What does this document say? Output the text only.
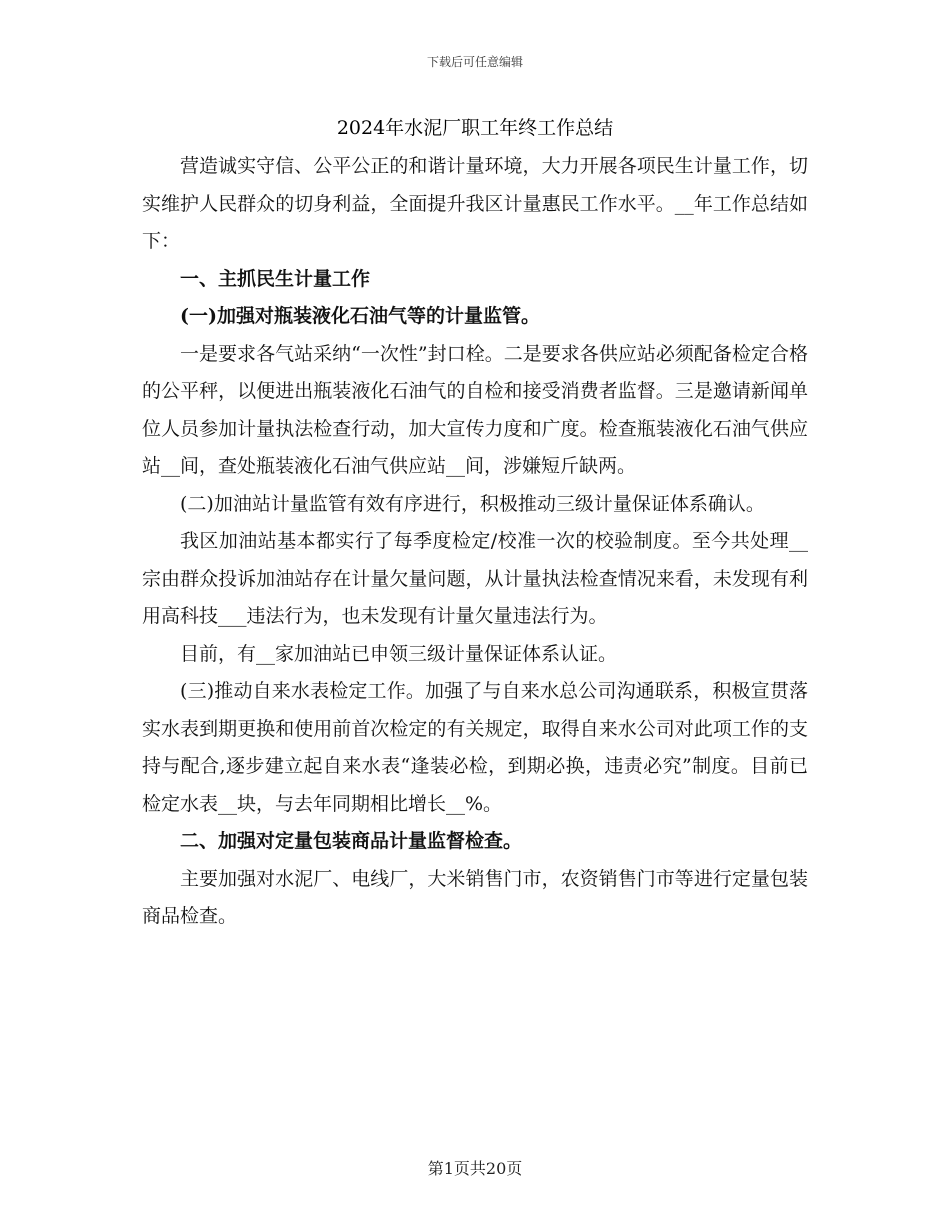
下载后可任意编辑
2024年水泥厂职工年终工作总结

营造诚实守信、公平公正的和谐计量环境，大力开展各项民生计量工作，切实维护人民群众的切身利益，全面提升我区计量惠民工作水平。__年工作总结如下：

一、主抓民生计量工作

(一)加强对瓶装液化石油气等的计量监管。

一是要求各气站采纳“一次性”封口栓。二是要求各供应站必须配备检定合格的公平秤，以便进出瓶装液化石油气的自检和接受消费者监督。三是邀请新闻单位人员参加计量执法检查行动，加大宣传力度和广度。检查瓶装液化石油气供应站__间，查处瓶装液化石油气供应站__间，涉嫌短斤缺两。

(二)加油站计量监管有效有序进行，积极推动三级计量保证体系确认。

我区加油站基本都实行了每季度检定/校准一次的校验制度。至今共处理__宗由群众投诉加油站存在计量欠量问题，从计量执法检查情况来看，未发现有利用高科技___违法行为，也未发现有计量欠量违法行为。

目前，有__家加油站已申领三级计量保证体系认证。

(三)推动自来水表检定工作。加强了与自来水总公司沟通联系，积极宣贯落实水表到期更换和使用前首次检定的有关规定，取得自来水公司对此项工作的支持与配合,逐步建立起自来水表“逢装必检，到期必换，违责必究”制度。目前已检定水表__块，与去年同期相比增长__%。

二、加强对定量包装商品计量监督检查。

主要加强对水泥厂、电线厂，大米销售门市，农资销售门市等进行定量包装商品检查。

第1页共20页
